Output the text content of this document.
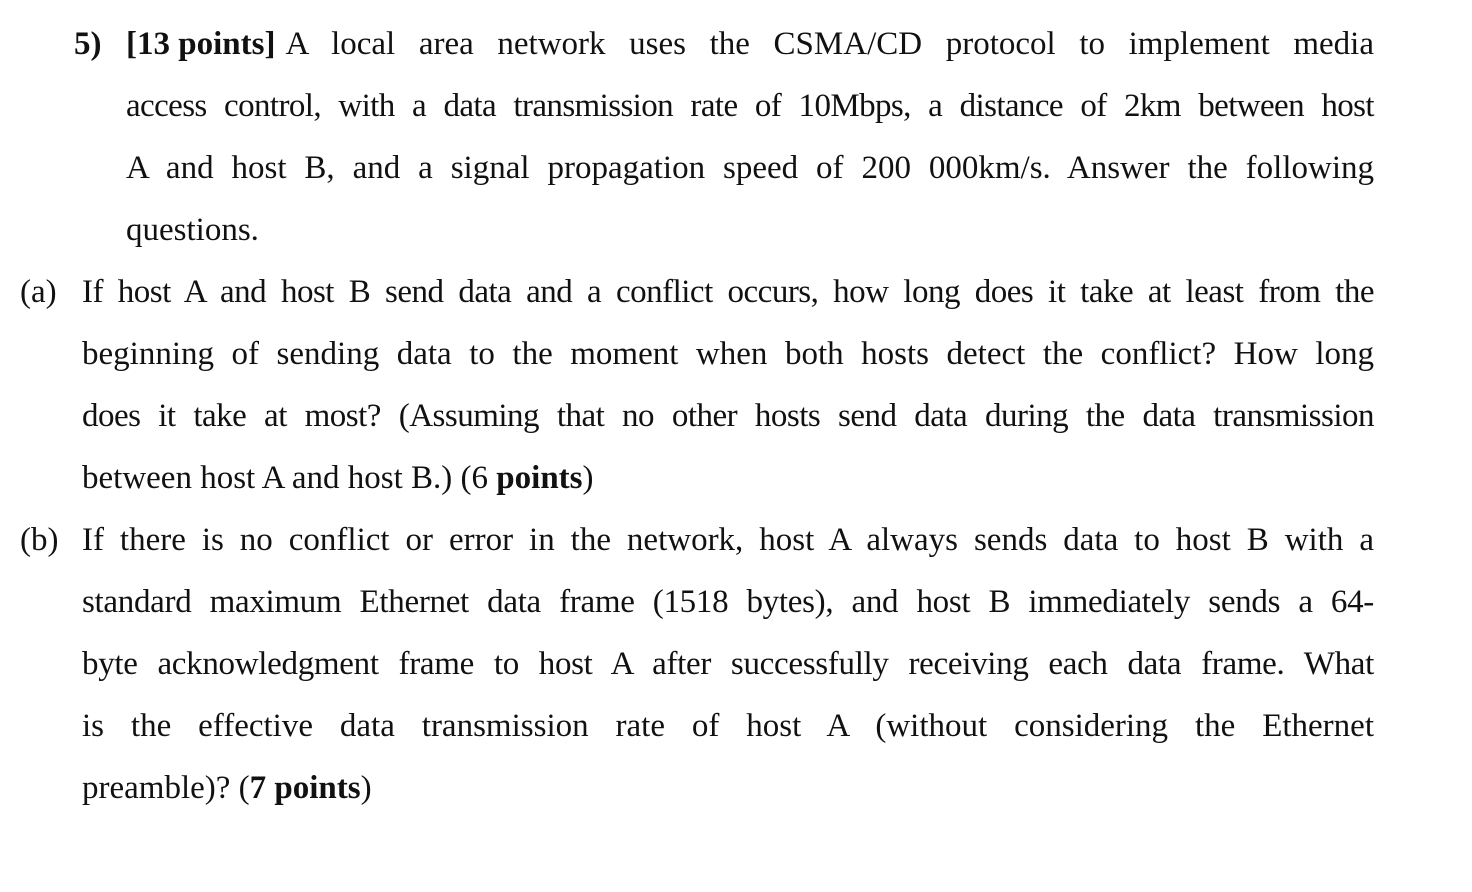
5) [13 points] A local area network uses the CSMA/CD protocol to implement media
access control, with a data transmission rate of 10Mbps, a distance of 2km between host
A and host B, and a signal propagation speed of 200 000km/s. Answer the following
questions.
(a) If host A and host B send data and a conflict occurs, how long does it take at least from the
beginning of sending data to the moment when both hosts detect the conflict? How long
does it take at most? (Assuming that no other hosts send data during the data transmission
between host A and host B.) (6 points)
(b) If there is no conflict or error in the network, host A always sends data to host B with a
standard maximum Ethernet data frame (1518 bytes), and host B immediately sends a 64-
byte acknowledgment frame to host A after successfully receiving each data frame. What
is the effective data transmission rate of host A (without considering the Ethernet
preamble)? (7 points)
